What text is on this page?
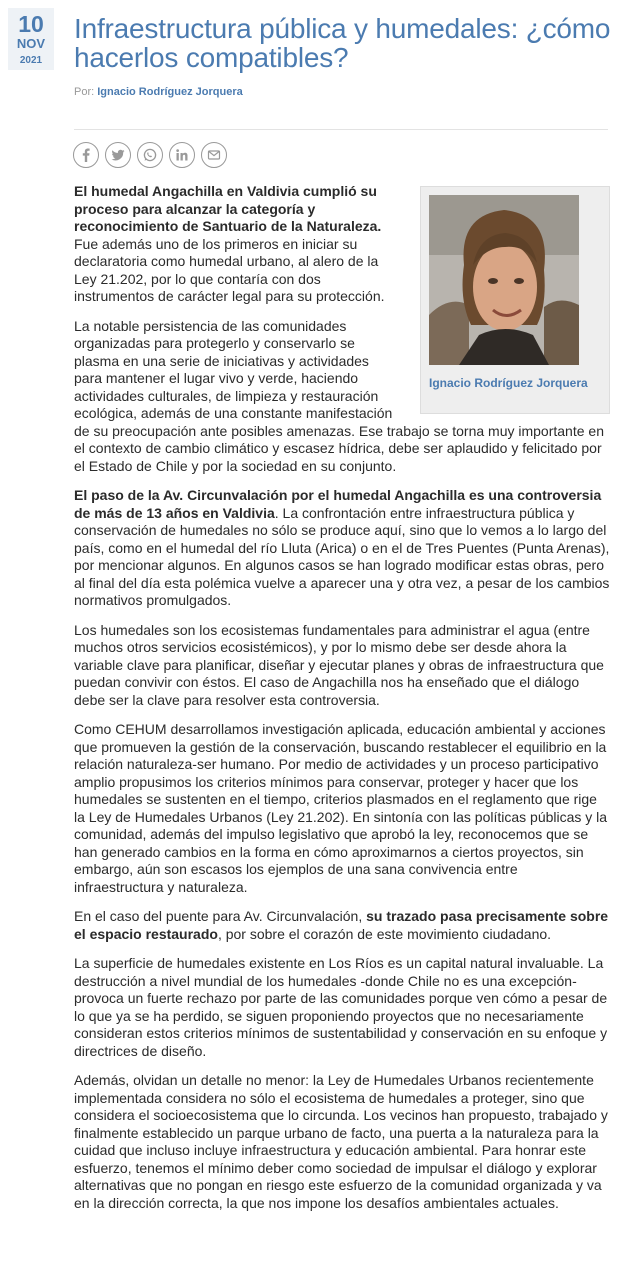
10
NOV
2021
Infraestructura pública y humedales: ¿cómo hacerlos compatibles?
Por: Ignacio Rodríguez Jorquera
Ignacio Rodríguez Jorquera

El humedal Angachilla en Valdivia cumplió su proceso para alcanzar la categoría y reconocimiento de Santuario de la Naturaleza. Fue además uno de los primeros en iniciar su declaratoria como humedal urbano, al alero de la Ley 21.202, por lo que contaría con dos instrumentos de carácter legal para su protección.

La notable persistencia de las comunidades organizadas para protegerlo y conservarlo se plasma en una serie de iniciativas y actividades para mantener el lugar vivo y verde, haciendo actividades culturales, de limpieza y restauración ecológica, además de una constante manifestación de su preocupación ante posibles amenazas. Ese trabajo se torna muy importante en el contexto de cambio climático y escasez hídrica, debe ser aplaudido y felicitado por el Estado de Chile y por la sociedad en su conjunto.

El paso de la Av. Circunvalación por el humedal Angachilla es una controversia de más de 13 años en Valdivia. La confrontación entre infraestructura pública y conservación de humedales no sólo se produce aquí, sino que lo vemos a lo largo del país, como en el humedal del río Lluta (Arica) o en el de Tres Puentes (Punta Arenas), por mencionar algunos. En algunos casos se han logrado modificar estas obras, pero al final del día esta polémica vuelve a aparecer una y otra vez, a pesar de los cambios normativos promulgados.

Los humedales son los ecosistemas fundamentales para administrar el agua (entre muchos otros servicios ecosistémicos), y por lo mismo debe ser desde ahora la variable clave para planificar, diseñar y ejecutar planes y obras de infraestructura que puedan convivir con éstos. El caso de Angachilla nos ha enseñado que el diálogo debe ser la clave para resolver esta controversia.

Como CEHUM desarrollamos investigación aplicada, educación ambiental y acciones que promueven la gestión de la conservación, buscando restablecer el equilibrio en la relación naturaleza-ser humano. Por medio de actividades y un proceso participativo amplio propusimos los criterios mínimos para conservar, proteger y hacer que los humedales se sustenten en el tiempo, criterios plasmados en el reglamento que rige la Ley de Humedales Urbanos (Ley 21.202). En sintonía con las políticas públicas y la comunidad, además del impulso legislativo que aprobó la ley, reconocemos que se han generado cambios en la forma en cómo aproximarnos a ciertos proyectos, sin embargo, aún son escasos los ejemplos de una sana convivencia entre infraestructura y naturaleza.

En el caso del puente para Av. Circunvalación, su trazado pasa precisamente sobre el espacio restaurado, por sobre el corazón de este movimiento ciudadano.

La superficie de humedales existente en Los Ríos es un capital natural invaluable. La destrucción a nivel mundial de los humedales -donde Chile no es una excepción- provoca un fuerte rechazo por parte de las comunidades porque ven cómo a pesar de lo que ya se ha perdido, se siguen proponiendo proyectos que no necesariamente consideran estos criterios mínimos de sustentabilidad y conservación en su enfoque y directrices de diseño.

Además, olvidan un detalle no menor: la Ley de Humedales Urbanos recientemente implementada considera no sólo el ecosistema de humedales a proteger, sino que considera el socioecosistema que lo circunda. Los vecinos han propuesto, trabajado y finalmente establecido un parque urbano de facto, una puerta a la naturaleza para la cuidad que incluso incluye infraestructura y educación ambiental. Para honrar este esfuerzo, tenemos el mínimo deber como sociedad de impulsar el diálogo y explorar alternativas que no pongan en riesgo este esfuerzo de la comunidad organizada y va en la dirección correcta, la que nos impone los desafíos ambientales actuales.
